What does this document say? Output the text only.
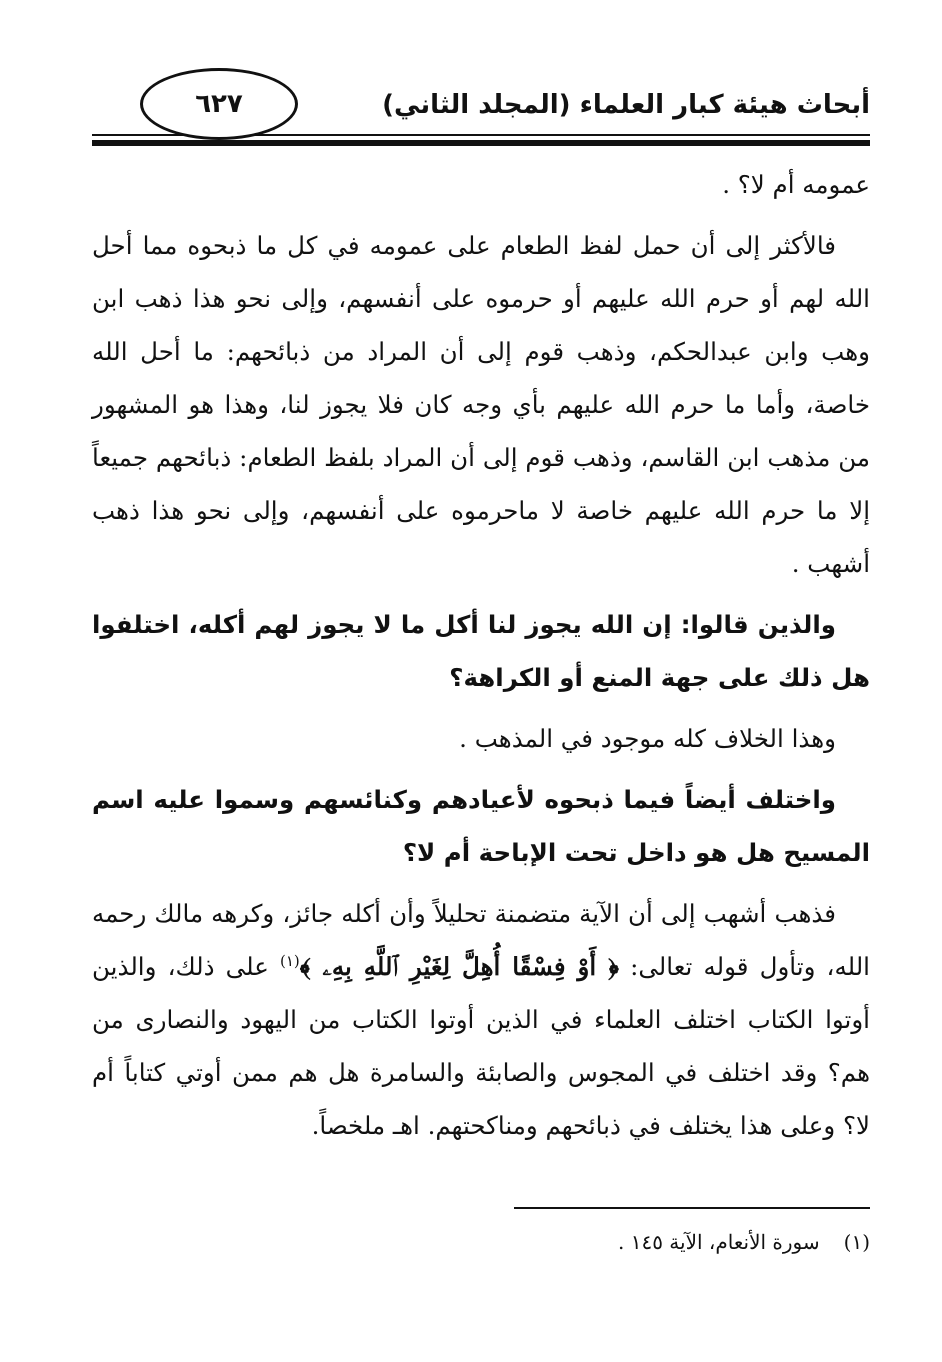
أبحاث هيئة كبار العلماء (المجلد الثاني)
٦٢٧

عمومه أم لا؟ .

فالأكثر إلى أن حمل لفظ الطعام على عمومه في كل ما ذبحوه مما أحل الله لهم أو حرم الله عليهم أو حرموه على أنفسهم، وإلى نحو هذا ذهب ابن وهب وابن عبدالحكم، وذهب قوم إلى أن المراد من ذبائحهم: ما أحل الله خاصة، وأما ما حرم الله عليهم بأي وجه كان فلا يجوز لنا، وهذا هو المشهور من مذهب ابن القاسم، وذهب قوم إلى أن المراد بلفظ الطعام: ذبائحهم جميعاً إلا ما حرم الله عليهم خاصة لا ماحرموه على أنفسهم، وإلى نحو هذا ذهب أشهب .

والذين قالوا: إن الله يجوز لنا أكل ما لا يجوز لهم أكله، اختلفوا هل ذلك على جهة المنع أو الكراهة؟

وهذا الخلاف كله موجود في المذهب .

واختلف أيضاً فيما ذبحوه لأعيادهم وكنائسهم وسموا عليه اسم المسيح هل هو داخل تحت الإباحة أم لا؟

فذهب أشهب إلى أن الآية متضمنة تحليلاً وأن أكله جائز، وكرهه مالك رحمه الله، وتأول قوله تعالى: ﴿ أَوْ فِسْقًا أُهِلَّ لِغَيْرِ ٱللَّهِ بِهِۦ ﴾$^{(١)}$ على ذلك، والذين أوتوا الكتاب اختلف العلماء في الذين أوتوا الكتاب من اليهود والنصارى من هم؟ وقد اختلف في المجوس والصابئة والسامرة هل هم ممن أوتي كتاباً أم لا؟ وعلى هذا يختلف في ذبائحهم ومناكحتهم. اهـ ملخصاً.

(١)سورة الأنعام، الآية ١٤٥ .
